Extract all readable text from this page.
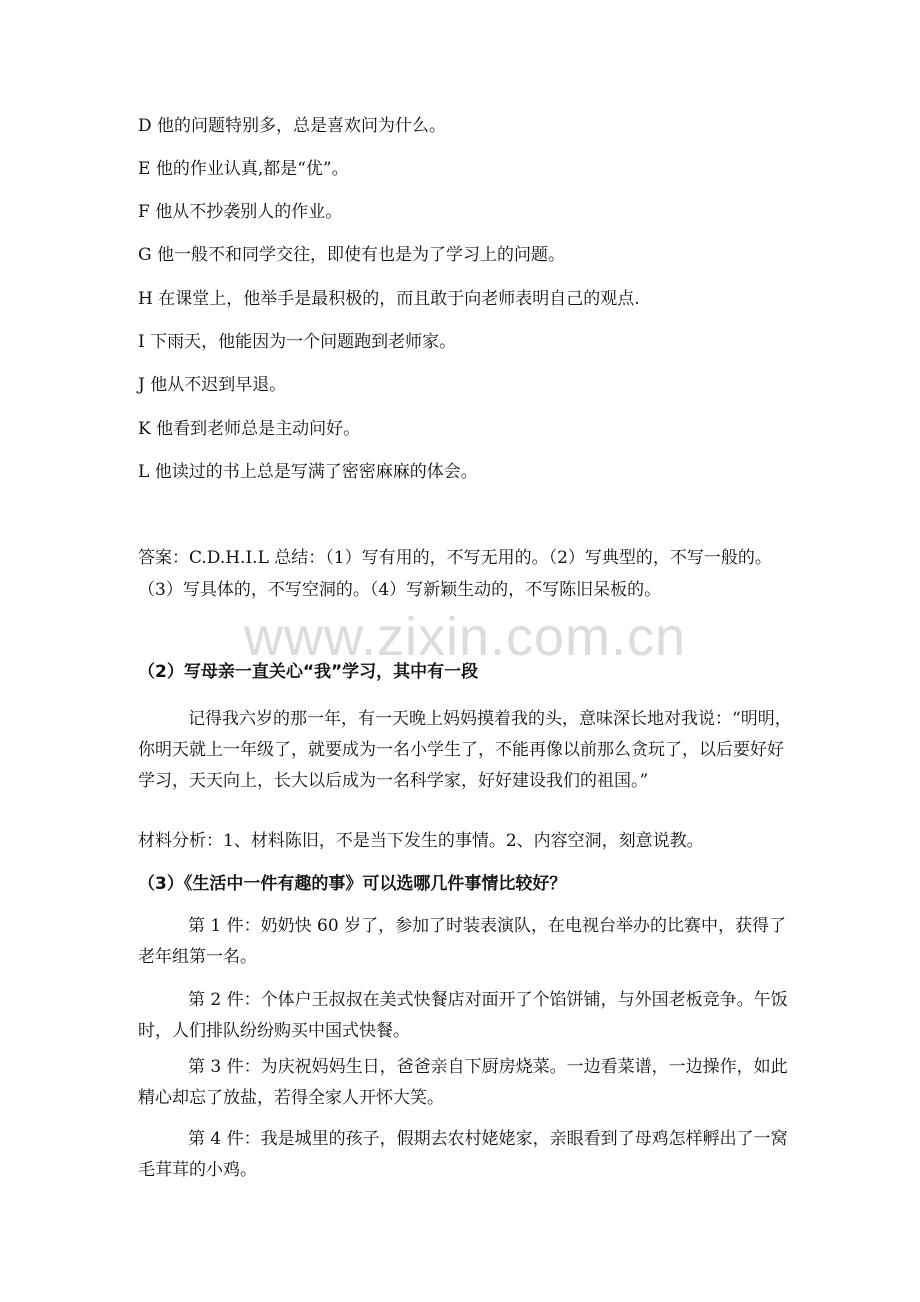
D 他的问题特别多，总是喜欢问为什么。
E 他的作业认真,都是“优”。
F 他从不抄袭别人的作业。
G 他一般不和同学交往，即使有也是为了学习上的问题。
H 在课堂上，他举手是最积极的，而且敢于向老师表明自己的观点.
I 下雨天，他能因为一个问题跑到老师家。
J 他从不迟到早退。
K 他看到老师总是主动问好。
L 他读过的书上总是写满了密密麻麻的体会。
答案：C.D.H.I.L 总结：（1）写有用的，不写无用的。（2）写典型的，不写一般的。（3）写具体的，不写空洞的。（4）写新颖生动的，不写陈旧呆板的。
www.zixin.com.cn
（2）写母亲一直关心“我”学习，其中有一段
记得我六岁的那一年，有一天晚上妈妈摸着我的头，意味深长地对我说：“明明，你明天就上一年级了，就要成为一名小学生了，不能再像以前那么贪玩了，以后要好好学习，天天向上，长大以后成为一名科学家，好好建设我们的祖国。”
材料分析：1、材料陈旧，不是当下发生的事情。2、内容空洞，刻意说教。
（3）《生活中一件有趣的事》可以选哪几件事情比较好？
第 1 件：奶奶快 60 岁了，参加了时装表演队，在电视台举办的比赛中，获得了老年组第一名。
第 2 件：个体户王叔叔在美式快餐店对面开了个馅饼铺，与外国老板竞争。午饭时，人们排队纷纷购买中国式快餐。
第 3 件：为庆祝妈妈生日，爸爸亲自下厨房烧菜。一边看菜谱，一边操作，如此精心却忘了放盐，若得全家人开怀大笑。
第 4 件：我是城里的孩子，假期去农村姥姥家，亲眼看到了母鸡怎样孵出了一窝毛茸茸的小鸡。
